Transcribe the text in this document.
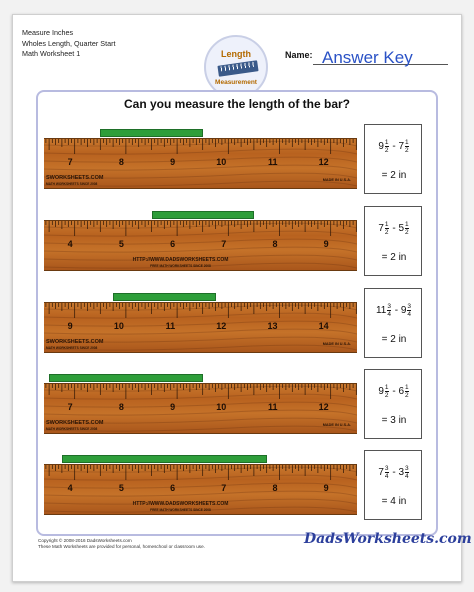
Measure Inches
Wholes Length, Quarter Start
Math Worksheet 1	Length
Measurement
Name: Answer Key
Can you measure the length of the bar?
7	8	9	10	11	12
SWORKSHEETS.COM
MATH WORKSHEETS SINCE 2008
MADE IN U.S.A.
$9 \frac{1}{2} - 7 \frac{1}{2}$
= 2 in
4	5	6	7	8	9
HTTP://WWW.DADSWORKSHEETS.COM
FREE MATH WORKSHEETS SINCE 2008
$7 \frac{1}{2} - 5 \frac{1}{2}$
= 2 in
9	10	11	12	13	14
SWORKSHEETS.COM
MATH WORKSHEETS SINCE 2008
MADE IN U.S.A.
$11 \frac{3}{4} - 9 \frac{3}{4}$
= 2 in
7	8	9	10	11	12
SWORKSHEETS.COM
MATH WORKSHEETS SINCE 2008
MADE IN U.S.A.
$9 \frac{1}{2} - 6 \frac{1}{2}$
= 3 in
4	5	6	7	8	9
HTTP://WWW.DADSWORKSHEETS.COM
FREE MATH WORKSHEETS SINCE 2008
$7 \frac{3}{4} - 3 \frac{3}{4}$
= 4 in
Copyright © 2008-2016 DadsWorksheets.com
These Math Worksheets are provided for personal, homeschool or classroom use.	DadsWorksheets.com
